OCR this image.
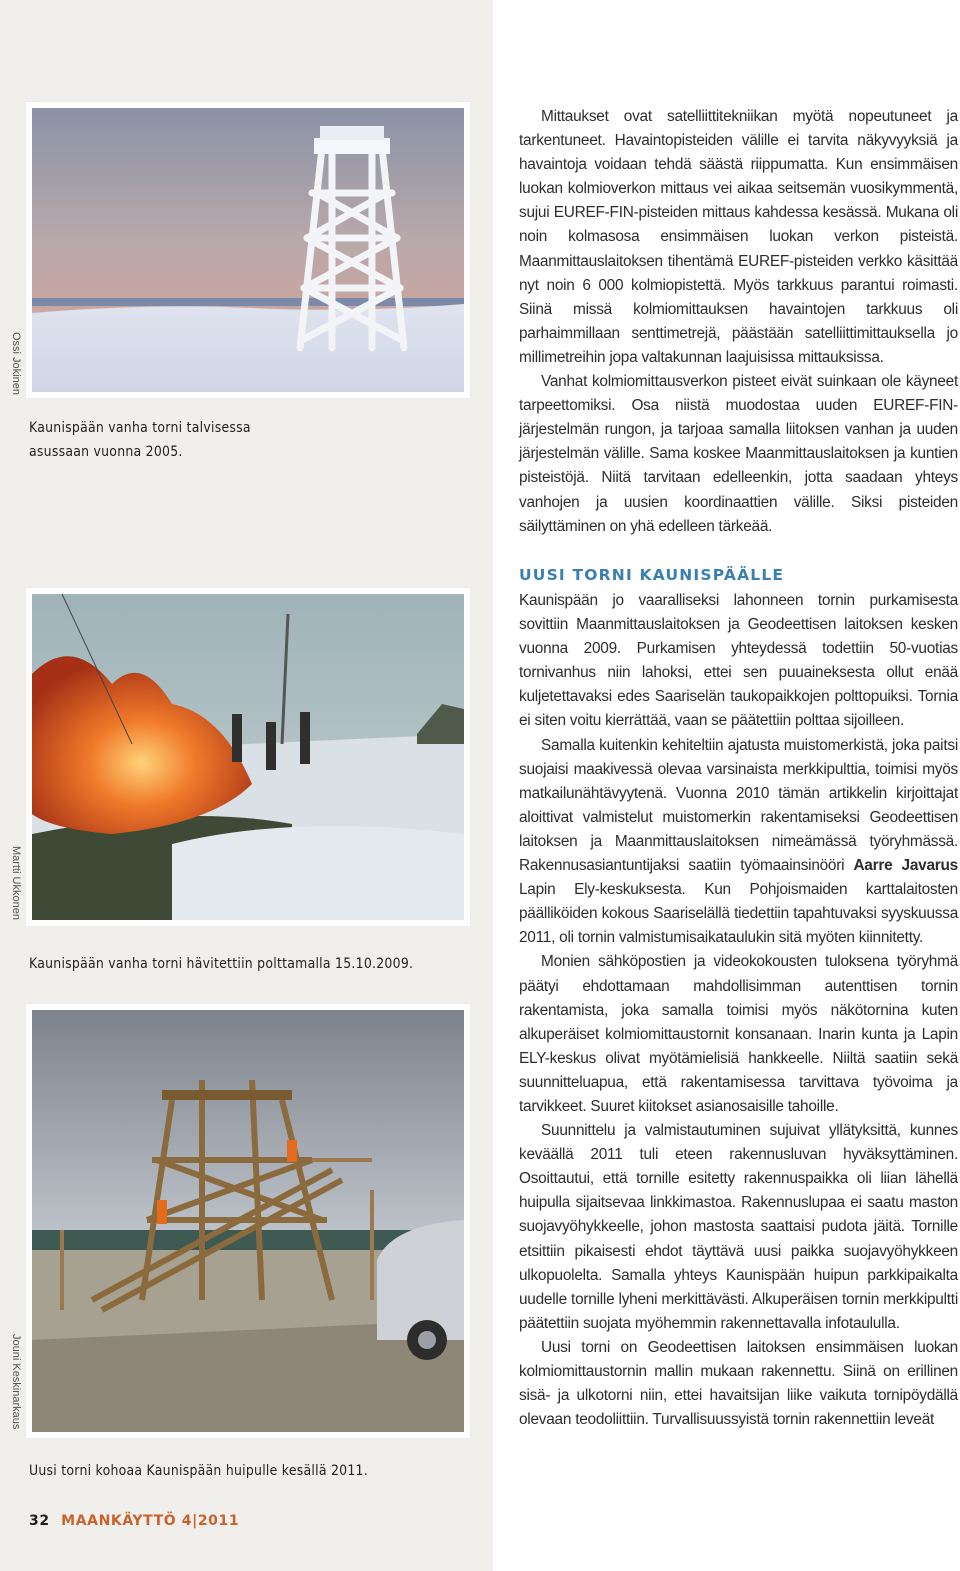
Ossi Jokinen
Kaunispään vanha torni talvisessa
asussaan vuonna 2005.
Martti Ukkonen
Kaunispään vanha torni hävitettiin polttamalla 15.10.2009.
Jouni Keskinarkaus
Uusi torni kohoaa Kaunispään huipulle kesällä 2011.
32 MAANKÄYTTÖ 4|2011

Mittaukset ovat satelliittitekniikan myötä nopeutuneet ja tarkentuneet. Havaintopisteiden välille ei tarvita näkyvyyksiä ja havaintoja voidaan tehdä säästä riippumatta. Kun ensimmäisen luokan kolmioverkon mittaus vei aikaa seitsemän vuosikymmentä, sujui EUREF-FIN-pisteiden mittaus kahdessa kesässä. Mukana oli noin kolmasosa ensimmäisen luokan verkon pisteistä. Maanmittauslaitoksen tihentämä EUREF-pisteiden verkko käsittää nyt noin 6 000 kolmiopistettä. Myös tarkkuus parantui roimasti. Siinä missä kolmiomittauksen havaintojen tarkkuus oli parhaimmillaan senttimetrejä, päästään satelliittimittauksella jo millimetreihin jopa valtakunnan laajuisissa mittauksissa.

Vanhat kolmiomittausverkon pisteet eivät suinkaan ole käyneet tarpeettomiksi. Osa niistä muodostaa uuden EUREF-FIN-järjestelmän rungon, ja tarjoaa samalla liitoksen vanhan ja uuden järjestelmän välille. Sama koskee Maanmittauslaitoksen ja kuntien pisteistöjä. Niitä tarvitaan edelleenkin, jotta saadaan yhteys vanhojen ja uusien koordinaattien välille. Siksi pisteiden säilyttäminen on yhä edelleen tärkeää.

UUSI TORNI KAUNISPÄÄLLE

Kaunispään jo vaaralliseksi lahonneen tornin purkamisesta sovittiin Maanmittauslaitoksen ja Geodeettisen laitoksen kesken vuonna 2009. Purkamisen yhteydessä todettiin 50-vuotias tornivanhus niin lahoksi, ettei sen puuaineksesta ollut enää kuljetettavaksi edes Saariselän taukopaikkojen polttopuiksi. Tornia ei siten voitu kierrättää, vaan se päätettiin polttaa sijoilleen.

Samalla kuitenkin kehiteltiin ajatusta muistomerkistä, joka paitsi suojaisi maakivessä olevaa varsinaista merkkipulttia, toimisi myös matkailunähtävyytenä. Vuonna 2010 tämän artikkelin kirjoittajat aloittivat valmistelut muistomerkin rakentamiseksi Geodeettisen laitoksen ja Maanmittauslaitoksen nimeämässä työryhmässä. Rakennusasiantuntijaksi saatiin työmaainsinööri Aarre Javarus Lapin Ely-keskuksesta. Kun Pohjoismaiden karttalaitosten päälliköiden kokous Saariselällä tiedettiin tapahtuvaksi syyskuussa 2011, oli tornin valmistumisaikataulukin sitä myöten kiinnitetty.

Monien sähköpostien ja videokokousten tuloksena työryhmä päätyi ehdottamaan mahdollisimman autenttisen tornin rakentamista, joka samalla toimisi myös näkötornina kuten alkuperäiset kolmiomittaustornit konsanaan. Inarin kunta ja Lapin ELY-keskus olivat myötämielisiä hankkeelle. Niiltä saatiin sekä suunnitteluapua, että rakentamisessa tarvittava työvoima ja tarvikkeet. Suuret kiitokset asianosaisille tahoille.

Suunnittelu ja valmistautuminen sujuivat yllätyksittä, kunnes keväällä 2011 tuli eteen rakennusluvan hyväksyttäminen. Osoittautui, että tornille esitetty rakennuspaikka oli liian lähellä huipulla sijaitsevaa linkkimastoa. Rakennuslupaa ei saatu maston suojavyöhykkeelle, johon mastosta saattaisi pudota jäitä. Tornille etsittiin pikaisesti ehdot täyttävä uusi paikka suojavyöhykkeen ulkopuolelta. Samalla yhteys Kaunispään huipun parkkipaikalta uudelle tornille lyheni merkittävästi. Alkuperäisen tornin merkkipultti päätettiin suojata myöhemmin rakennettavalla infotaululla.

Uusi torni on Geodeettisen laitoksen ensimmäisen luokan kolmiomittaustornin mallin mukaan rakennettu. Siinä on erillinen sisä- ja ulkotorni niin, ettei havaitsijan liike vaikuta tornipöydällä olevaan teodoliittiin. Turvallisuussyistä tornin rakennettiin leveät
